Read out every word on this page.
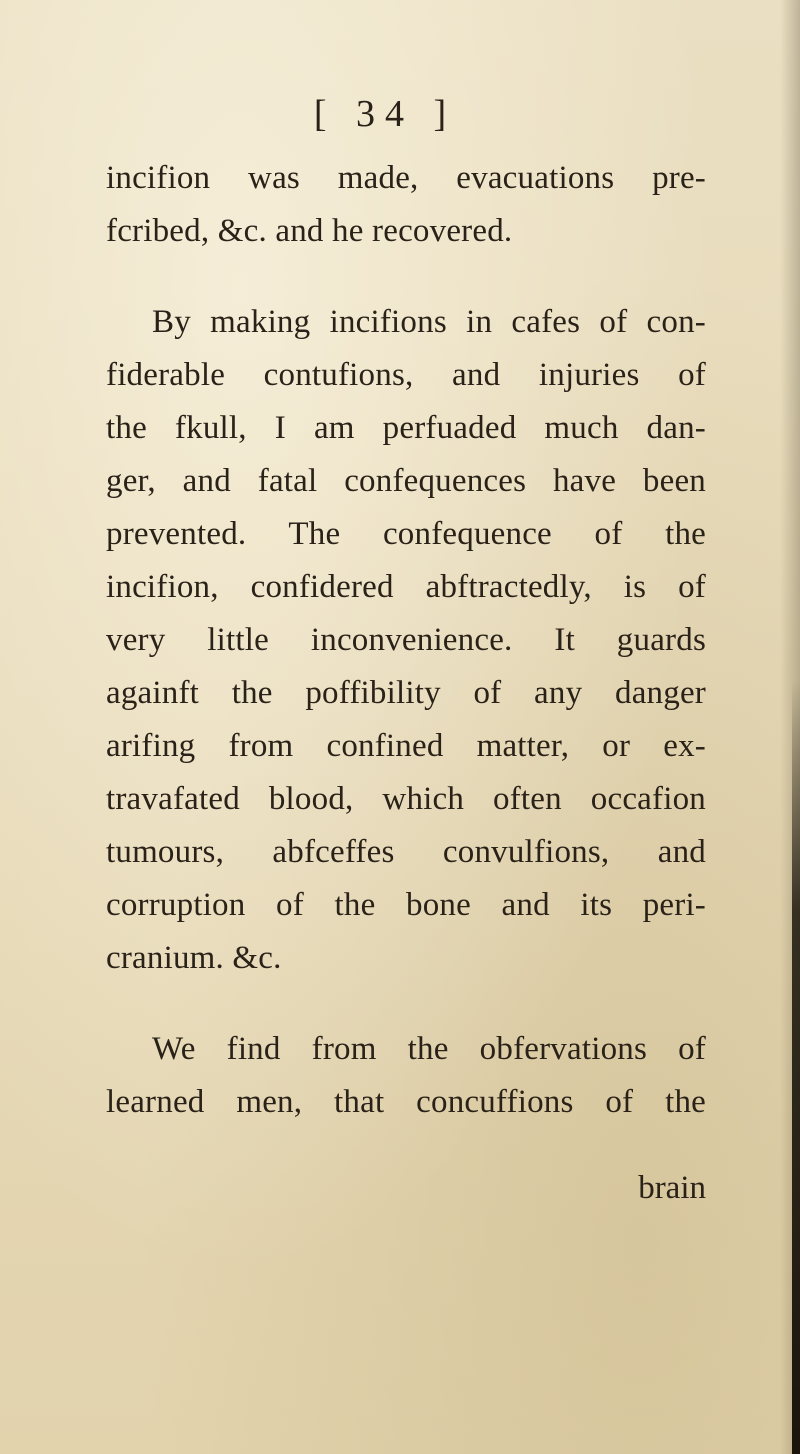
[ 34 ]
incifion was made, evacuations pre-
fcribed, &c. and he recovered.
By making incifions in cafes of con-
fiderable contufions, and injuries of
the fkull, I am perfuaded much dan-
ger, and fatal confequences have been
prevented. The confequence of the
incifion, confidered abftractedly, is of
very little inconvenience. It guards
againft the poffibility of any danger
arifing from confined matter, or ex-
travafated blood, which often occafion
tumours, abfceffes convulfions, and
corruption of the bone and its peri-
cranium. &c.
We find from the obfervations of
learned men, that concuffions of the
brain
